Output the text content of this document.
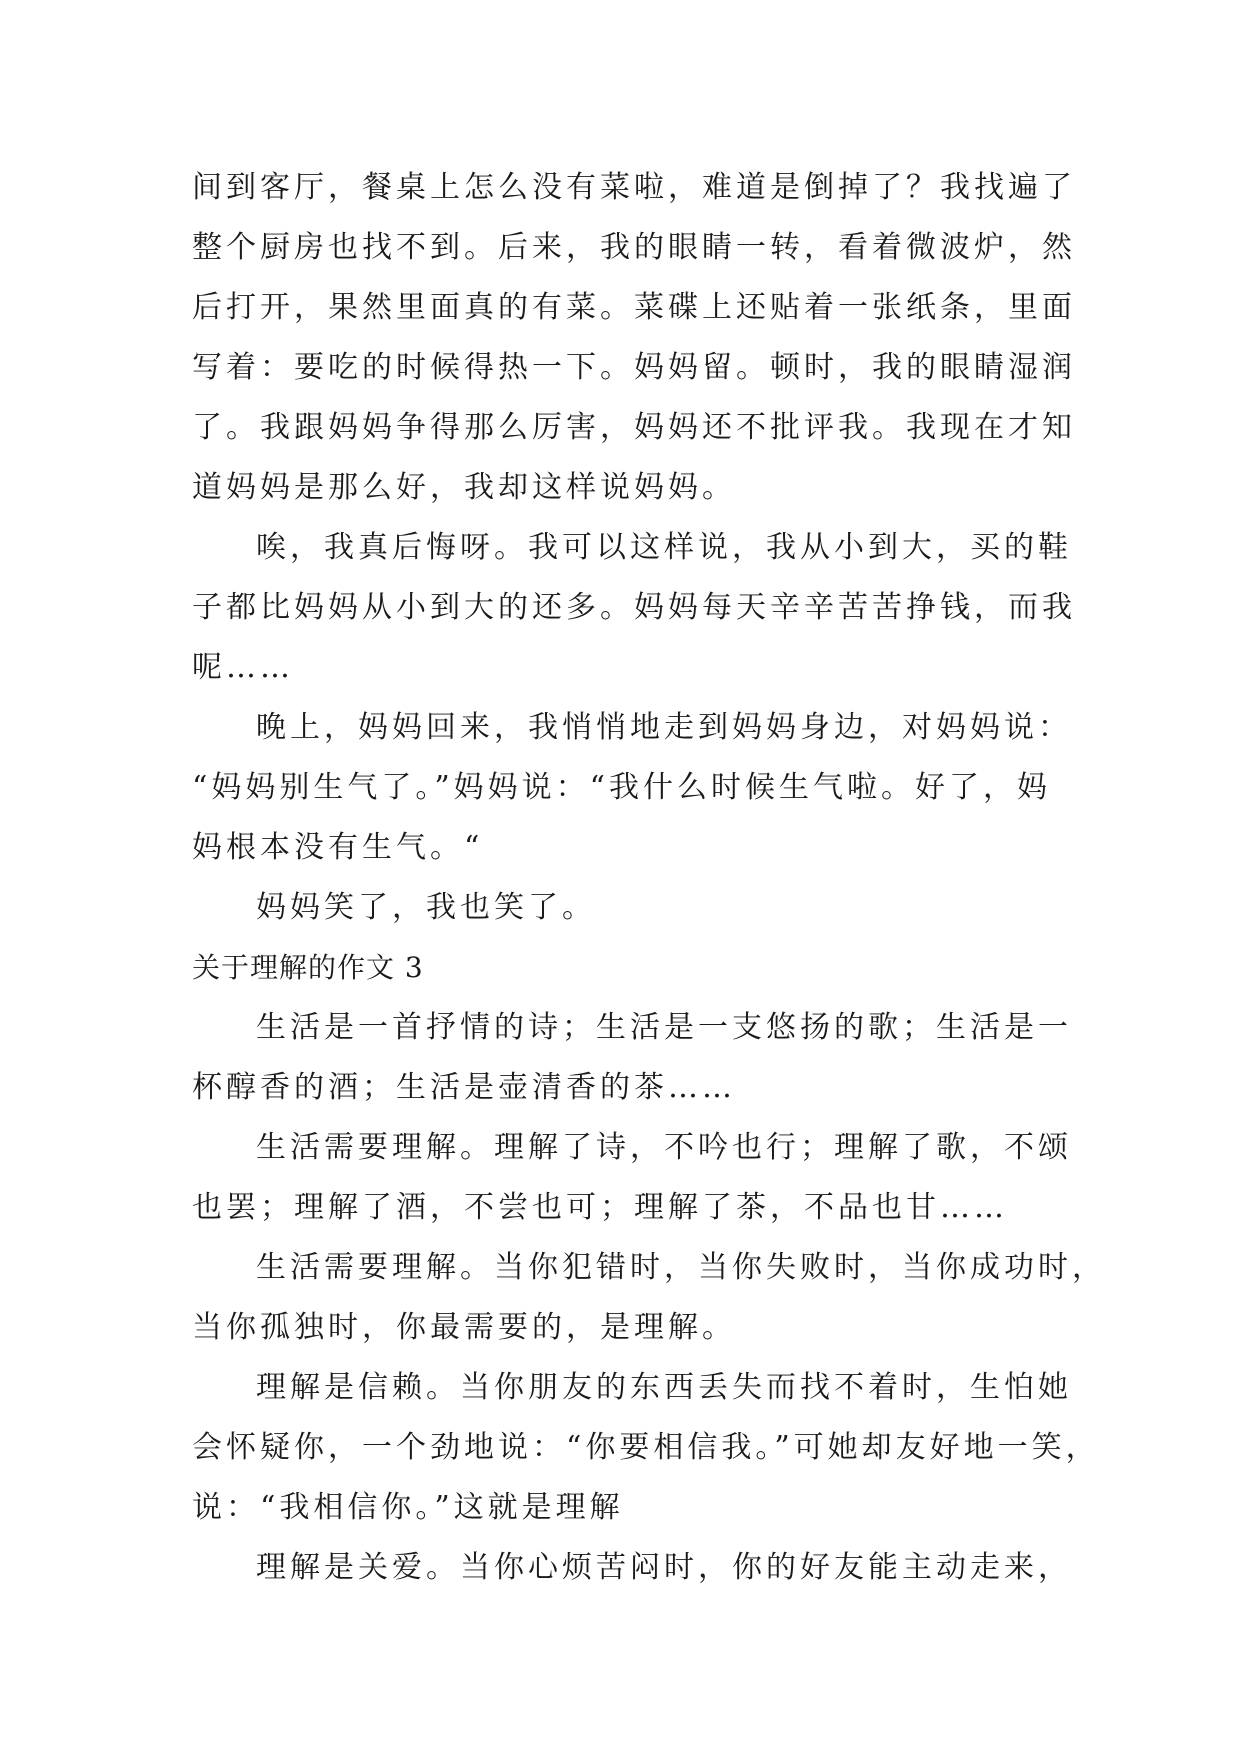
间到客厅，餐桌上怎么没有菜啦，难道是倒掉了？我找遍了
整个厨房也找不到。后来，我的眼睛一转，看着微波炉，然
后打开，果然里面真的有菜。菜碟上还贴着一张纸条，里面
写着：要吃的时候得热一下。妈妈留。顿时，我的眼睛湿润
了。我跟妈妈争得那么厉害，妈妈还不批评我。我现在才知
道妈妈是那么好，我却这样说妈妈。
唉，我真后悔呀。我可以这样说，我从小到大，买的鞋
子都比妈妈从小到大的还多。妈妈每天辛辛苦苦挣钱，而我
呢……
晚上，妈妈回来，我悄悄地走到妈妈身边，对妈妈说：
“妈妈别生气了。”妈妈说：“我什么时候生气啦。好了，妈
妈根本没有生气。“
妈妈笑了，我也笑了。
关于理解的作文 3
生活是一首抒情的诗；生活是一支悠扬的歌；生活是一
杯醇香的酒；生活是壶清香的茶……
生活需要理解。理解了诗，不吟也行；理解了歌，不颂
也罢；理解了酒，不尝也可；理解了茶，不品也甘……
生活需要理解。当你犯错时，当你失败时，当你成功时，
当你孤独时，你最需要的，是理解。
理解是信赖。当你朋友的东西丢失而找不着时，生怕她
会怀疑你，一个劲地说：“你要相信我。”可她却友好地一笑，
说：“我相信你。”这就是理解
理解是关爱。当你心烦苦闷时，你的好友能主动走来，
